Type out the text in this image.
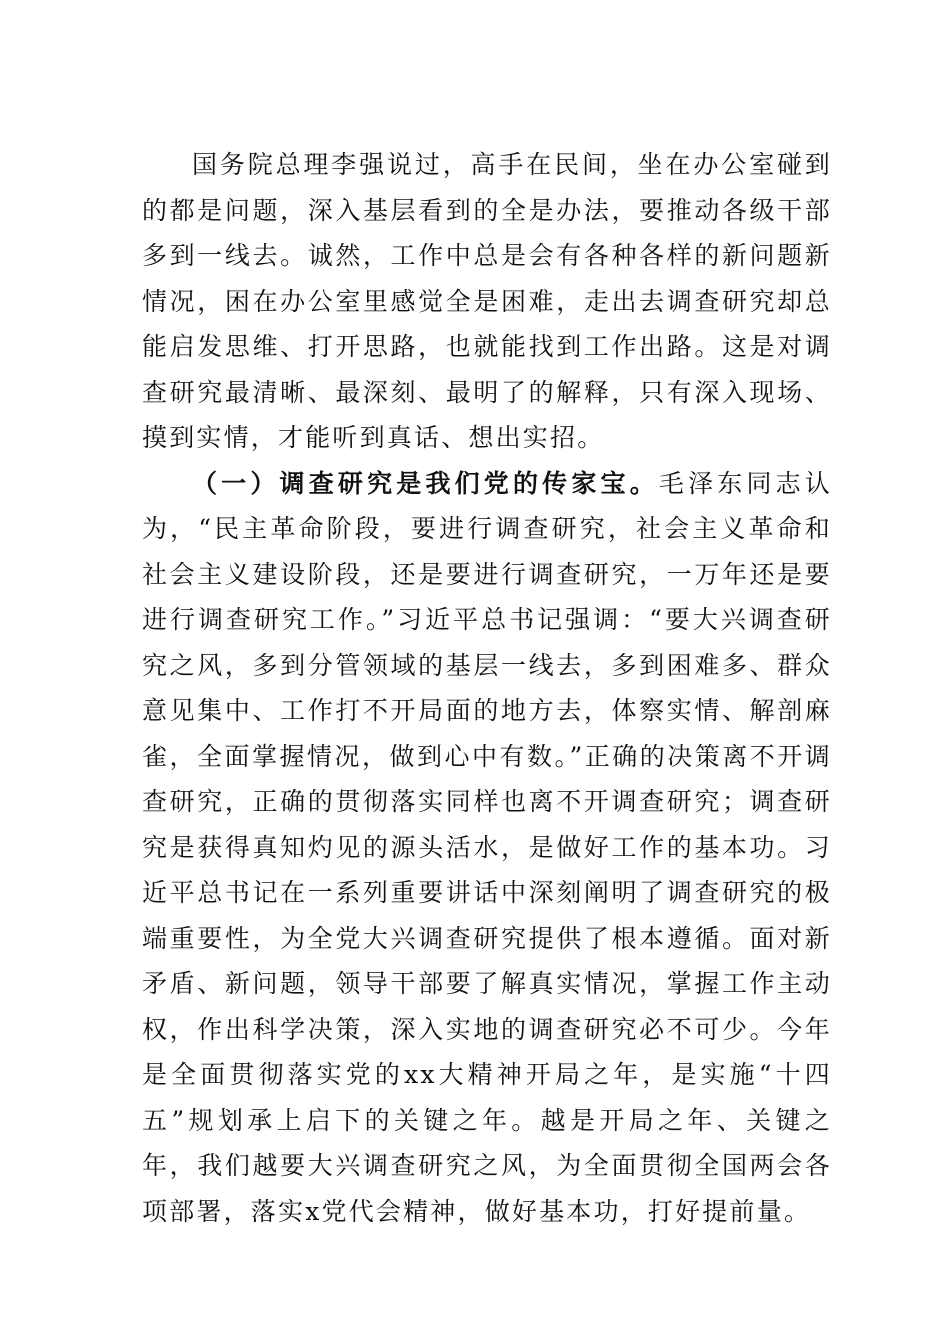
国务院总理李强说过，高手在民间，坐在办公室碰到的都是问题，深入基层看到的全是办法，要推动各级干部多到一线去。诚然，工作中总是会有各种各样的新问题新情况，困在办公室里感觉全是困难，走出去调查研究却总能启发思维、打开思路，也就能找到工作出路。这是对调查研究最清晰、最深刻、最明了的解释，只有深入现场、摸到实情，才能听到真话、想出实招。

（一）调查研究是我们党的传家宝。毛泽东同志认为，“民主革命阶段，要进行调查研究，社会主义革命和社会主义建设阶段，还是要进行调查研究，一万年还是要进行调查研究工作。”习近平总书记强调：“要大兴调查研究之风，多到分管领域的基层一线去，多到困难多、群众意见集中、工作打不开局面的地方去，体察实情、解剖麻雀，全面掌握情况，做到心中有数。”正确的决策离不开调查研究，正确的贯彻落实同样也离不开调查研究；调查研究是获得真知灼见的源头活水，是做好工作的基本功。习近平总书记在一系列重要讲话中深刻阐明了调查研究的极端重要性，为全党大兴调查研究提供了根本遵循。面对新矛盾、新问题，领导干部要了解真实情况，掌握工作主动权，作出科学决策，深入实地的调查研究必不可少。今年是全面贯彻落实党的xx大精神开局之年，是实施“十四五”规划承上启下的关键之年。越是开局之年、关键之年，我们越要大兴调查研究之风，为全面贯彻全国两会各项部署，落实x党代会精神，做好基本功，打好提前量。
